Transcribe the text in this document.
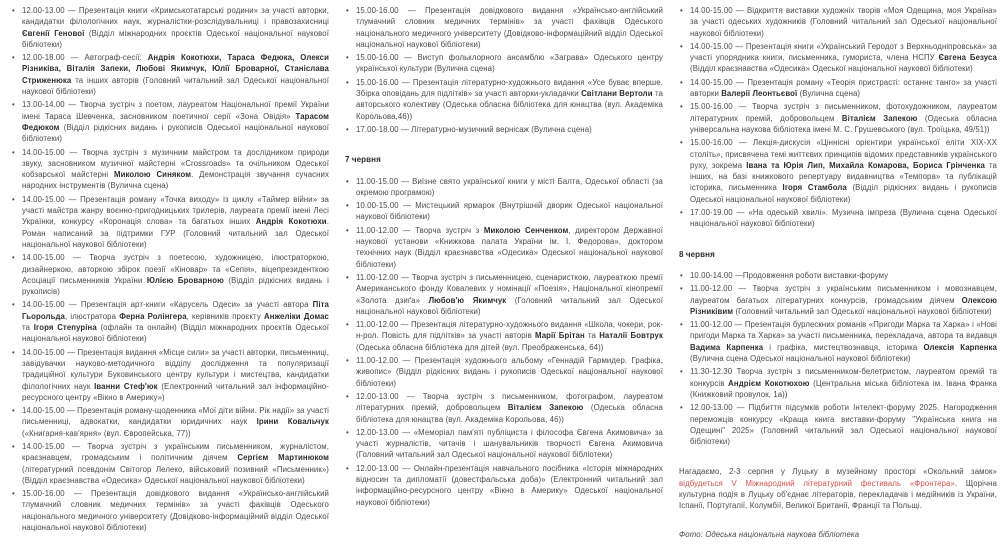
• 12.00-13.00 — Презентація книги «Кримськотатарські родини» за участі авторки, кандидатки філологічних наук, журналістки-розслідувальниці і правозахисниці Євгенії Генової (Відділ міжнародних проєктів Одеської національної наукової бібліотеки)
• 12.00-18.00 — Автограф-сесії: Андрія Кокотюхи, Тараса Федюка, Олекси Різниківа, Віталія Запеки, Любові Якимчук, Юлії Броварної, Станіслава Стриженюка та інших авторів (Головний читальний зал Одеської національної наукової бібліотеки)
• 13.00-14.00 — Творча зустріч з поетом, лауреатом Національної премії України імені Тараса Шевченка, засновником поетичної серії «Зона Овідія» Тарасом Федюком (Відділ рідкісних видань і рукописів Одеської національної наукової бібліотеки)
• 14.00-15.00 — Творча зустріч з музичним майстром та дослідником природи звуку, засновником музичної майстерні «Crossroads» та очільником Одеської кобзарської майстерні Миколою Синяком. Демонстрація звучання сучасних народних інструментів (Вулична сцена)
• 14.00-15.00 — Презентація роману «Точка виходу» із циклу «Таймер війни» за участі майстра жанру воєнно-пригодницьких трилерів, лауреата премії імені Лесі Українки, конкурсу «Коронація слова» та багатьох інших Андрія Кокотюхи. Роман написаний за підтримки ГУР (Головний читальний зал Одеської національної наукової бібліотеки)
• 14.00-15.00 — Творча зустріч з поетесою, художницею, ілюстраторкою, дизайнеркою, авторкою збірок поезії «Кіновар» та «Сепія», віцепрезиденткою Асоціації письменників України Юлією Броварною (Відділ рідкісних видань і рукописів)
• 14.00-15.00 — Презентація арт-книги «Карусель Одеси» за участі автора Піта Гьорольда, ілюстратора Ферна Ролінгера, керівників проєкту Анжеліки Домас та Ігоря Степуріна (офлайн та онлайн) (Відділ міжнародних проєктів Одеської національної наукової бібліотеки)
• 14.00-15.00 — Презентація видання «Місце сили» за участі авторки, письменниці, завідувачки науково-методичного відділу дослідження та популяризації традиційної культури Буковинського центру культури і мистецтва, кандидатки філологічних наук Іванни Стеф'юк (Електронний читальний зал інформаційно-ресурсного центру «Вікно в Америку»)
• 14.00-15.00 — Презентація роману-щоденника «Мої діти війни. Рік надії» за участі письменниці, адвокатки, кандидатки юридичних наук Ірини Ковальчук («Книгарня-кав'ярня» (вул. Європейська, 77))
• 14.00-15.00 — Творча зустріч з українським письменником, журналістом, краєзнавцем, громадським і політичним діячем Сергієм Мартинюком (літературний псевдонім Світогор Лелеко, військовий позивний «Письменник») (Відділ краєзнавства «Одесика» Одеської національної наукової бібліотеки)
• 15.00-16.00 — Презентація довідкового видання «Українсько-англійський тлумачний словник медичних термінів» за участі фахівців Одеського національного медичного університету (Довідково-інформаційний відділ Одеської національної наукової бібліотеки)
• 15.00-16.00 — Презентація довідкового видання «Українсько-англійський тлумачний словник медичних термінів» за участі фахівців Одеського національного медичного університету (Довідково-інформаційний відділ Одеської національної наукової бібліотеки)
• 15.00-16.00 — Виступ фольклорного ансамблю «Заграва» Одеського центру української культури (Вулична сцена)
• 15.00-16.00 — Презентація літературно-художнього видання «Усе буває вперше. Збірка оповідань для підлітків» за участі авторки-укладачки Світлани Вертоли та авторського колективу (Одеська обласна бібліотека для юнацтва (вул. Академіка Корольова,46))
• 17.00-18.00 — Літературно-музичний вернісаж (Вулична сцена)
7 червня
• 11.00-15.00 — Виїзне свято української книги у місті Балта, Одеської області (за окремою програмою)
• 10.00-15.00 — Мистецький ярмарок (Внутрішній дворик Одеської національної наукової бібліотеки)
• 11.00-12.00 — Творча зустріч з Миколою Сенченком, директором Державної наукової установи «Книжкова палата України ім. І. Федорова», доктором технічних наук (Відділ краєзнавства «Одесика» Одеської національної наукової бібліотеки)
• 11.00-12.00 — Творча зустріч з письменницею, сценаристкою, лауреаткою премії Американського фонду Ковалевих у номінації «Поезія», Національної кінопремії «Золота дзиґа» Любов'ю Якимчук (Головний читальний зал Одеської національної наукової бібліотеки)
• 11.00-12.00 — Презентація літературно-художнього видання «Школа, чокери, рок-н-рол. Повість для підлітків» за участі авторів Марії Брітан та Наталії Бовтрук (Одеська обласна бібліотека для дітей (вул. Преображенська, 64))
• 11.00-12.00 — Презентація художнього альбому «Геннадій Гармидер. Графіка, живопис» (Відділ рідкісних видань і рукописів Одеської національної наукової бібліотеки)
• 12.00-13.00 — Творча зустріч з письменником, фотографом, лауреатом літературних премій, добровольцем Віталієм Запекою (Одеська обласна бібліотека для юнацтва (вул. Академіка Корольова, 46))
• 12.00-13.00 — «Меморіал пам'яті публіциста і філософа Євгена Акимовича» за участі журналістів, читачів і шанувальників творчості Євгена Акимовича (Головний читальний зал Одеської національної наукової бібліотеки)
• 12.00-13.00 — Онлайн-презентація навчального посібника «Історія міжнародних відносин та дипломатії (довестфальська доба)» (Електронний читальний зал інформаційно-ресурсного центру «Вікно в Америку» Одеської національної наукової бібліотеки)
• 14.00-15.00 — Відкриття виставки художніх творів «Моя Одещина, моя Україна» за участі одеських художників (Головний читальний зал Одеської національної наукової бібліотеки)
• 14.00-15.00 — Презентація книги «Український Геродот з Верхньодніпровська» за участі упорядника книги, письменника, гумориста, члена НСПУ Євгена Безуса (Відділ краєзнавства «Одесика» Одеської національної наукової бібліотеки)
• 14.00-15.00 — Презентація роману «Теорія пристрасті: останнє танго» за участі авторки Валерії Леонтьєвої (Вулична сцена)
• 15.00-16.00 — Творча зустріч з письменником, фотохудожником, лауреатом літературних премій, добровольцем Віталієм Запекою (Одеська обласна універсальна наукова бібліотека імені М. С. Грушевського (вул. Троїцька, 49/51))
• 15.00-16.00 — Лекція-дискусія «Ціннісні орієнтири української еліти XIX-XX століть», присвячена темі життєвих принципів відомих представників українського руху, зокрема Івана та Юрія Лип, Михайла Комарова, Бориса Грінченка та інших, на базі книжкового репертуару видавництва «Темпора» та публікацій історика, письменника Ігоря Стамбола (Відділ рідкісних видань і рукописів Одеської національної наукової бібліотеки)
• 17.00-19.00 — «На одеській хвилі». Музична імпреза (Вулична сцена Одеської національної наукової бібліотеки)
8 червня
• 10.00-14.00 —Продовження роботи виставки-форуму
• 11.00-12.00 — Творча зустріч з українським письменником і мовознавцем, лауреатом багатьох літературних конкурсів, громадським діячем Олексою Різниківим (Головний читальний зал Одеської національної наукової бібліотеки)
• 11.00-12.00 — Презентація бурлескних романів «Пригоди Марка та Харка» і «Нові пригоди Марка та Харка» за участі письменника, перекладача, автора та видавця Вадима Карпенка і графіка, мистецтвознавця, історика Олексія Карпенка (Вулична сцена Одеської національної наукової бібліотеки)
• 11.30-12.30 Творча зустріч з письменником-белетристом, лауреатом премій та конкурсів Андрієм Кокотюхою (Центральна міська бібліотека ім. Івана Франка (Книжковий провулок, 1а))
• 12.00-13.00 — Підбиття підсумків роботи Інтелект-форуму 2025. Нагородження переможців конкурсу «Краща книга виставки-форуму "Українська книга на Одещині" 2025» (Головний читальний зал Одеської національної наукової бібліотеки)
Нагадаємо, 2-3 серпня у Луцьку в музейному просторі «Окольний замок» відбудеться V Міжнародний літературний фестиваль «Фронтера». Щорічна культурна подія в Луцьку об'єднає літераторів, перекладачів і медійників із України, Іспанії, Португалії, Колумбії, Великої Британії, Франції та Польщі.
Фото: Одеська національна наукова бібліотека
